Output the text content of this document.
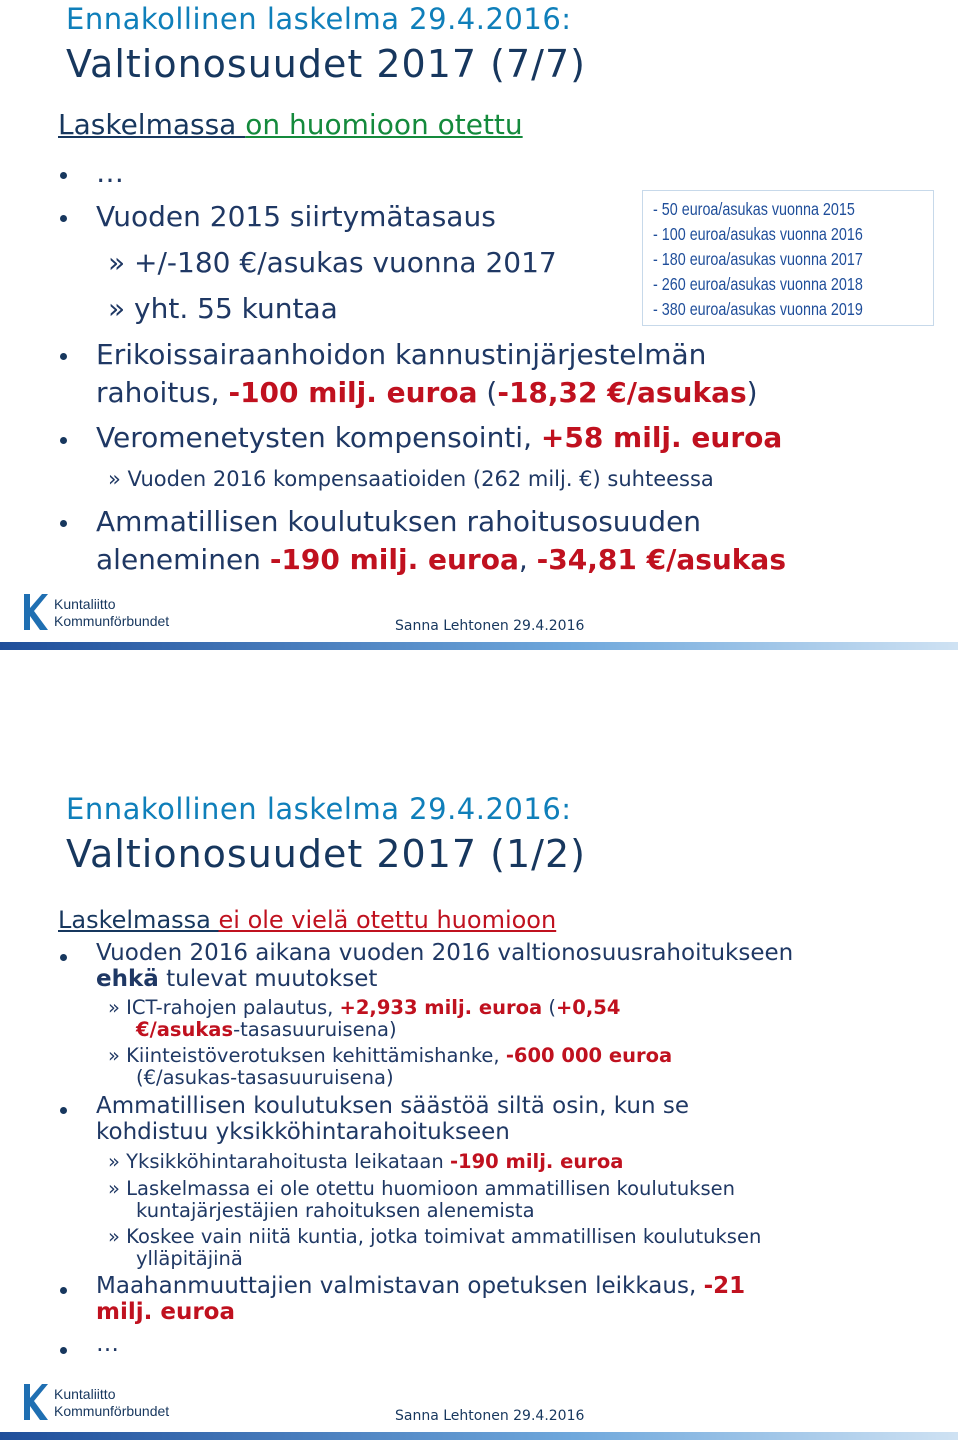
Ennakollinen laskelma 29.4.2016:
Valtionosuudet 2017 (7/7)
Laskelmassa on huomioon otettu
…
Vuoden 2015 siirtymätasaus
» +/-180 €/asukas vuonna 2017
» yht. 55 kuntaa
- 50 euroa/asukas vuonna 2015
- 100 euroa/asukas vuonna 2016
- 180 euroa/asukas vuonna 2017
- 260 euroa/asukas vuonna 2018
- 380 euroa/asukas vuonna 2019
Erikoissairaanhoidon kannustinjärjestelmän
rahoitus, -100 milj. euroa (-18,32 €/asukas)
Veromenetysten kompensointi, +58 milj. euroa
» Vuoden 2016 kompensaatioiden (262 milj. €) suhteessa
Ammatillisen koulutuksen rahoitusosuuden
aleneminen -190 milj. euroa, -34,81 €/asukas
Kuntaliitto
Kommunförbundet	Sanna Lehtonen 29.4.2016
Ennakollinen laskelma 29.4.2016:
Valtionosuudet 2017 (1/2)
Laskelmassa ei ole vielä otettu huomioon
Vuoden 2016 aikana vuoden 2016 valtionosuusrahoitukseen
ehkä tulevat muutokset
» ICT-rahojen palautus, +2,933 milj. euroa (+0,54
€/asukas-tasasuuruisena)
» Kiinteistöverotuksen kehittämishanke, -600 000 euroa
(€/asukas-tasasuuruisena)
Ammatillisen koulutuksen säästöä siltä osin, kun se
kohdistuu yksikköhintarahoitukseen
» Yksikköhintarahoitusta leikataan -190 milj. euroa
» Laskelmassa ei ole otettu huomioon ammatillisen koulutuksen
kuntajärjestäjien rahoituksen alenemista
» Koskee vain niitä kuntia, jotka toimivat ammatillisen koulutuksen
ylläpitäjinä
Maahanmuuttajien valmistavan opetuksen leikkaus, -21
milj. euroa
…
Kuntaliitto
Kommunförbundet	Sanna Lehtonen 29.4.2016
